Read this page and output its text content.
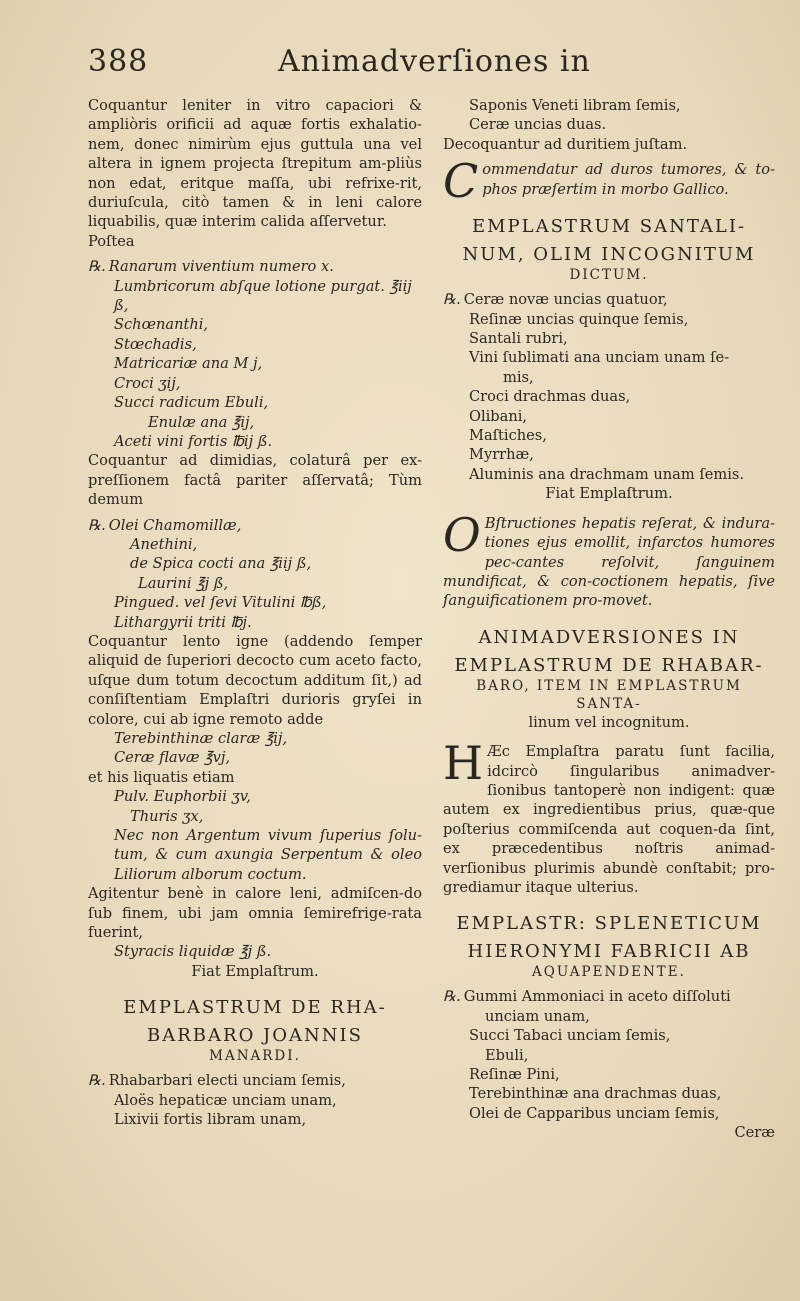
388	Animadverſiones in

Coquantur leniter in vitro capaciori & ampliòris orificii ad aquæ fortis exhalatio-nem, donec nimirùm ejus guttula una vel altera in ignem projecta ſtrepitum am-pliùs non edat, eritque maſſa, ubi refrixe-rit, duriuſcula, citò tamen & in leni calore liquabilis, quæ interim calida aſſervetur.

Poſtea

℞. Ranarum viventium numero x.

Lumbricorum abſque lotione purgat. ℥iij ß,

Schœnanthi,

Stœchadis,

Matricariæ ana M j,

Croci ʒij,

Succi radicum Ebuli,

Enulæ ana ℥ij,

Aceti vini fortis ℔ij ß.

Coquantur ad dimidias, colaturâ per ex-preſſionem factâ pariter aſſervatâ; Tùm demum

℞. Olei Chamomillæ,

Anethini,

de Spica cocti ana ℥iij ß,

Laurini ℥j ß,

Pingued. vel ſevi Vitulini ℔ß,

Lithargyrii triti ℔j.

Coquantur lento igne (addendo ſemper aliquid de ſuperiori decocto cum aceto facto, uſque dum totum decoctum additum ſit,) ad conſiſtentiam Emplaſtri durioris gryſei in colore, cui ab igne remoto adde

Terebinthinæ claræ ℥ij,

Ceræ flavæ ℥vj,

et his liquatis etiam

Pulv. Euphorbii ʒv,

Thuris ʒx,

Nec non Argentum vivum ſuperius ſolu-tum, & cum axungia Serpentum & oleo Liliorum alborum coctum.

Agitentur benè in calore leni, admiſcen-do ſub finem, ubi jam omnia ſemirefrige-rata fuerint,

Styracis liquidæ ℥j ß.

Fiat Emplaſtrum.

EMPLASTRUM DE RHA-

BARBARO JOANNIS

MANARDI.

℞. Rhabarbari electi unciam ſemis,

Aloës hepaticæ unciam unam,

Lixivii fortis libram unam,

Saponis Veneti libram ſemis,

Ceræ uncias duas.

Decoquantur ad duritiem juſtam.

Commendatur ad duros tumores, & to-phos præſertim in morbo Gallico.

EMPLASTRUM SANTALI-

NUM, OLIM INCOGNITUM

DICTUM.

℞. Ceræ novæ uncias quatuor,

Reſinæ uncias quinque ſemis,

Santali rubri,

Vini ſublimati ana unciam unam ſe-

mis,

Croci drachmas duas,

Olibani,

Maſtiches,

Myrrhæ,

Aluminis ana drachmam unam ſemis.

Fiat Emplaſtrum.

O Bſtructiones hepatis reſerat, & indura-tiones ejus emollit, infarctos humores pec-cantes reſolvit, ſanguinem mundificat, & con-coctionem hepatis, ſive ſanguificationem pro-movet.

ANIMADVERSIONES IN

EMPLASTRUM DE RHABAR-

BARO, ITEM IN EMPLASTRUM SANTA-

linum vel incognitum.

H Æc Emplaſtra paratu ſunt facilia, idcircò ſingularibus animadver-ſionibus tantoperè non indigent: quæ autem ex ingredientibus prius, quæ-que poſterius commiſcenda aut coquen-da ſint, ex præcedentibus noſtris animad-verſionibus plurimis abundè conſtabit; pro-grediamur itaque ulterius.

EMPLASTR: SPLENETICUM

HIERONYMI FABRICII AB

AQUAPENDENTE.

℞. Gummi Ammoniaci in aceto diſſoluti

unciam unam,

Succi Tabaci unciam ſemis,

Ebuli,

Reſinæ Pini,

Terebinthinæ ana drachmas duas,

Olei de Capparibus unciam ſemis,

Ceræ
